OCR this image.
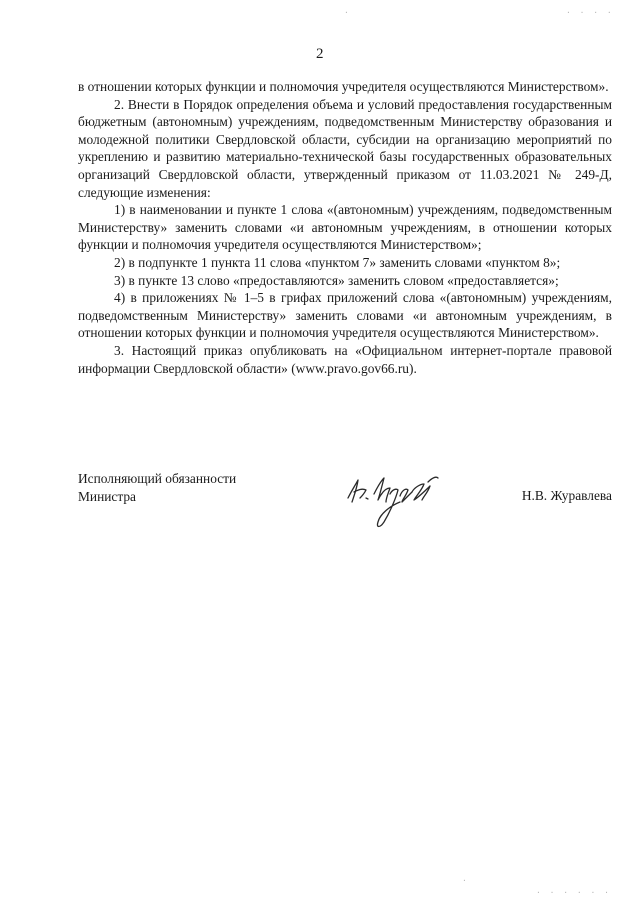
·	· · · ·
2

в отношении которых функции и полномочия учредителя осуществляются Министерством».

2. Внести в Порядок определения объема и условий предоставления государственным бюджетным (автономным) учреждениям, подведомственным Министерству образования и молодежной политики Свердловской области, субсидии на организацию мероприятий по укреплению и развитию материально-технической базы государственных образовательных организаций Свердловской области, утвержденный приказом от 11.03.2021 № 249-Д, следующие изменения:

1) в наименовании и пункте 1 слова «(автономным) учреждениям, подведомственным Министерству» заменить словами «и автономным учреждениям, в отношении которых функции и полномочия учредителя осуществляются Министерством»;

2) в подпункте 1 пункта 11 слова «пунктом 7» заменить словами «пунктом 8»;

3) в пункте 13 слово «предоставляются» заменить словом «предоставляется»;

4) в приложениях № 1–5 в грифах приложений слова «(автономным) учреждениям, подведомственным Министерству» заменить словами «и автономным учреждениям, в отношении которых функции и полномочия учредителя осуществляются Министерством».

3. Настоящий приказ опубликовать на «Официальном интернет-портале правовой информации Свердловской области» (www.pravo.gov66.ru).

Исполняющий обязанности
Министра	Н.В. Журавлева
·
· · · · · ·
